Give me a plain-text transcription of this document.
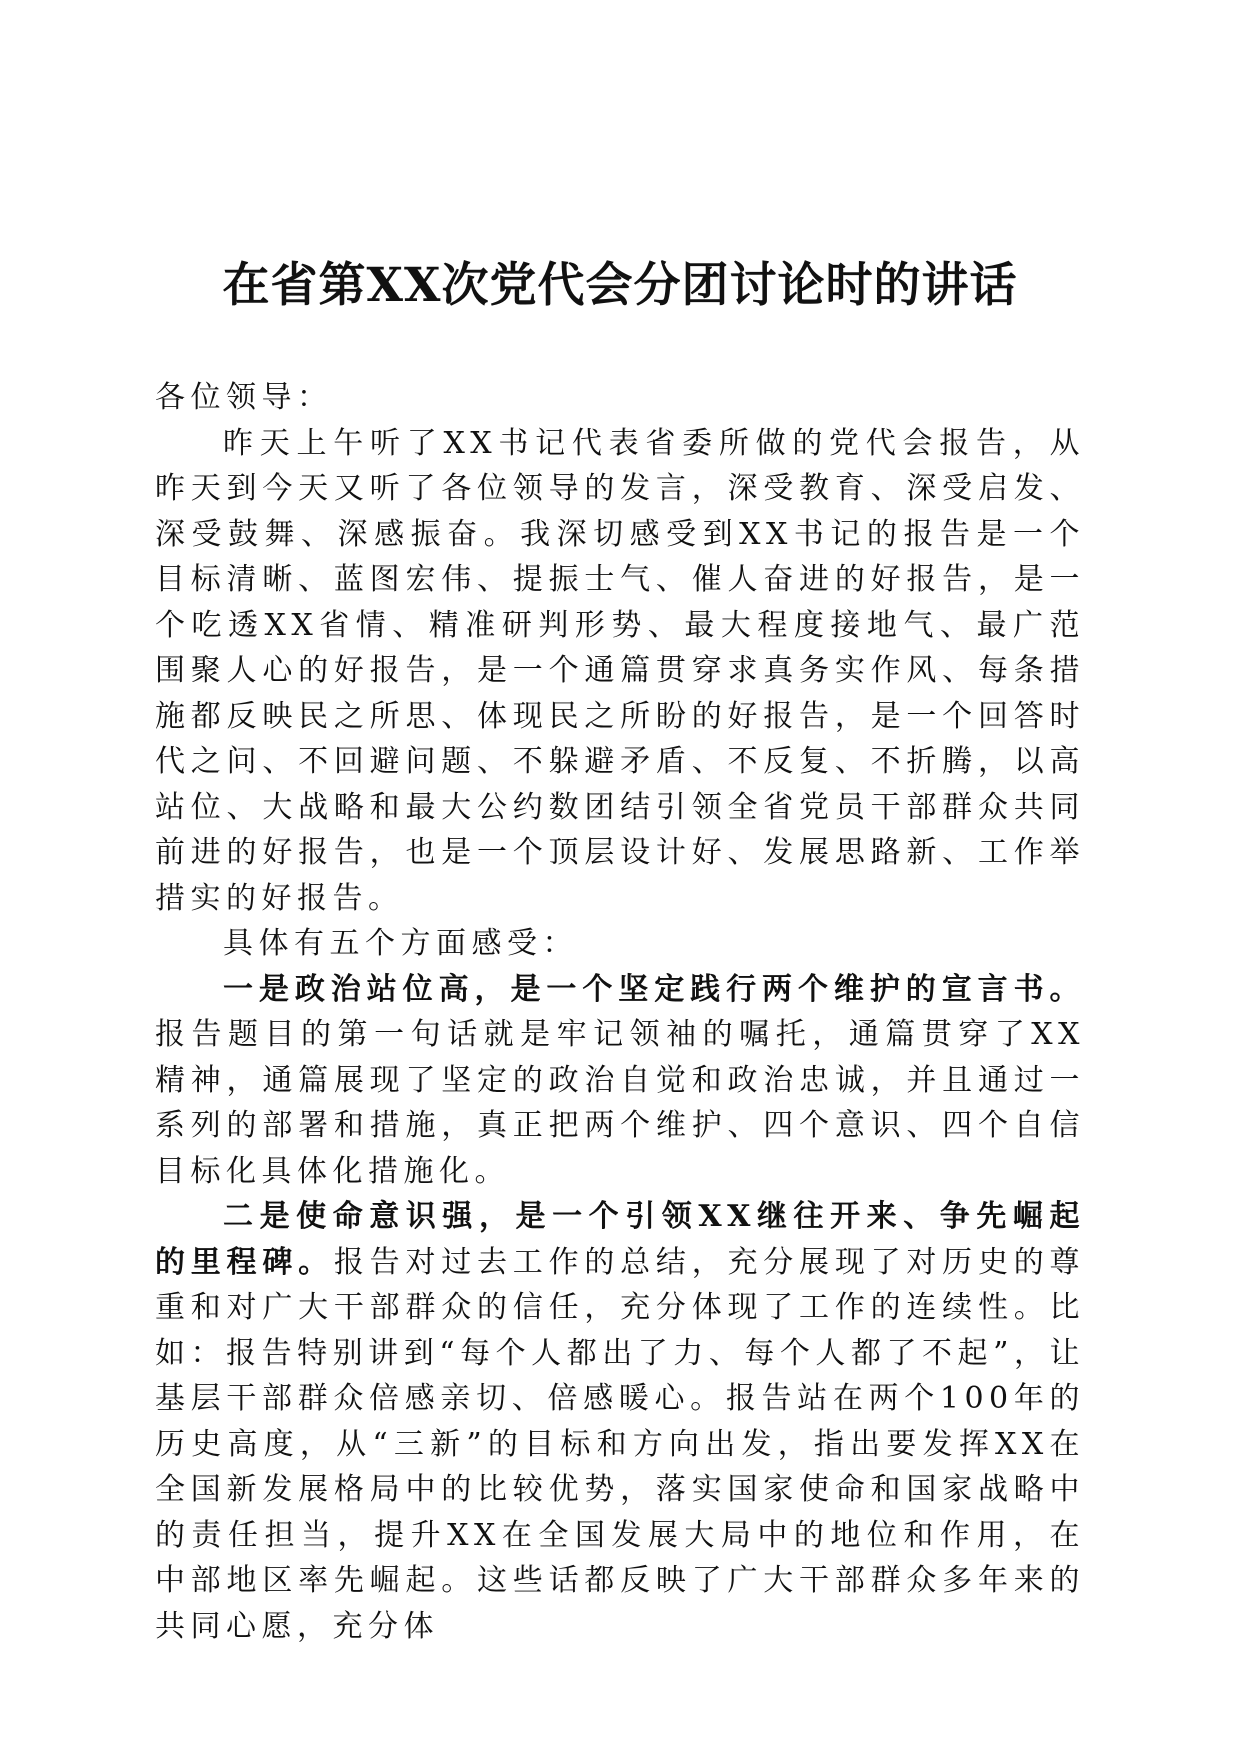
在省第XX次党代会分团讨论时的讲话

各位领导：

昨天上午听了XX书记代表省委所做的党代会报告，从昨天到今天又听了各位领导的发言，深受教育、深受启发、深受鼓舞、深感振奋。我深切感受到XX书记的报告是一个目标清晰、蓝图宏伟、提振士气、催人奋进的好报告，是一个吃透XX省情、精准研判形势、最大程度接地气、最广范围聚人心的好报告，是一个通篇贯穿求真务实作风、每条措施都反映民之所思、体现民之所盼的好报告，是一个回答时代之问、不回避问题、不躲避矛盾、不反复、不折腾，以高站位、大战略和最大公约数团结引领全省党员干部群众共同前进的好报告，也是一个顶层设计好、发展思路新、工作举措实的好报告。

具体有五个方面感受：

一是政治站位高，是一个坚定践行两个维护的宣言书。报告题目的第一句话就是牢记领袖的嘱托，通篇贯穿了XX精神，通篇展现了坚定的政治自觉和政治忠诚，并且通过一系列的部署和措施，真正把两个维护、四个意识、四个自信目标化具体化措施化。

二是使命意识强，是一个引领XX继往开来、争先崛起的里程碑。报告对过去工作的总结，充分展现了对历史的尊重和对广大干部群众的信任，充分体现了工作的连续性。比如：报告特别讲到“每个人都出了力、每个人都了不起”，让基层干部群众倍感亲切、倍感暖心。报告站在两个100年的历史高度，从“三新”的目标和方向出发，指出要发挥XX在全国新发展格局中的比较优势，落实国家使命和国家战略中的责任担当，提升XX在全国发展大局中的地位和作用，在中部地区率先崛起。这些话都反映了广大干部群众多年来的共同心愿，充分体
